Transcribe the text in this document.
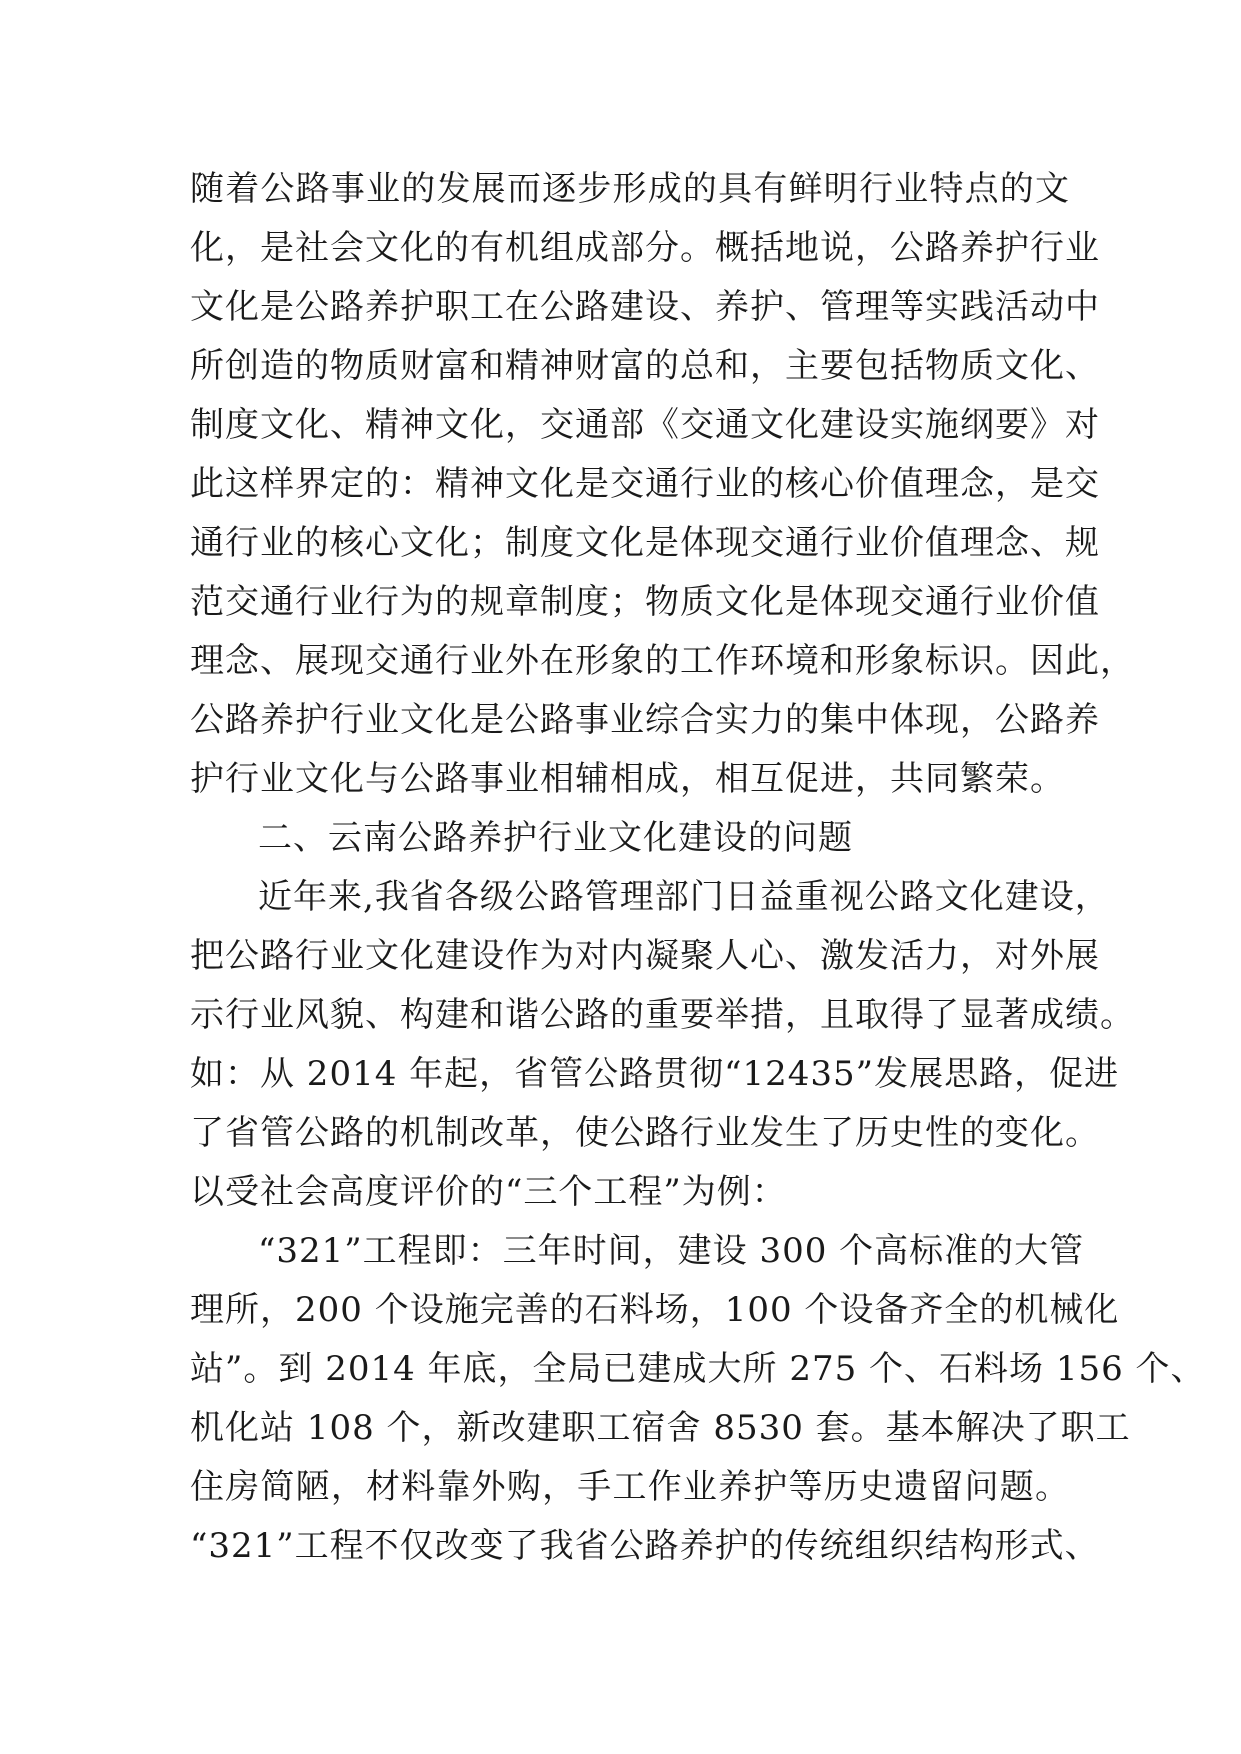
随着公路事业的发展而逐步形成的具有鲜明行业特点的文
化，是社会文化的有机组成部分。概括地说，公路养护行业
文化是公路养护职工在公路建设、养护、管理等实践活动中
所创造的物质财富和精神财富的总和，主要包括物质文化、
制度文化、精神文化，交通部《交通文化建设实施纲要》对
此这样界定的：精神文化是交通行业的核心价值理念，是交
通行业的核心文化；制度文化是体现交通行业价值理念、规
范交通行业行为的规章制度；物质文化是体现交通行业价值
理念、展现交通行业外在形象的工作环境和形象标识。因此，
公路养护行业文化是公路事业综合实力的集中体现，公路养
护行业文化与公路事业相辅相成，相互促进，共同繁荣。
二、云南公路养护行业文化建设的问题
近年来,我省各级公路管理部门日益重视公路文化建设，
把公路行业文化建设作为对内凝聚人心、激发活力，对外展
示行业风貌、构建和谐公路的重要举措，且取得了显著成绩。
如：从 2014 年起，省管公路贯彻“12435”发展思路，促进
了省管公路的机制改革，使公路行业发生了历史性的变化。
以受社会高度评价的“三个工程”为例：
“321”工程即：三年时间，建设 300 个高标准的大管
理所，200 个设施完善的石料场，100 个设备齐全的机械化
站”。到 2014 年底，全局已建成大所 275 个、石料场 156 个、
机化站 108 个，新改建职工宿舍 8530 套。基本解决了职工
住房简陋，材料靠外购，手工作业养护等历史遗留问题。
“321”工程不仅改变了我省公路养护的传统组织结构形式、
